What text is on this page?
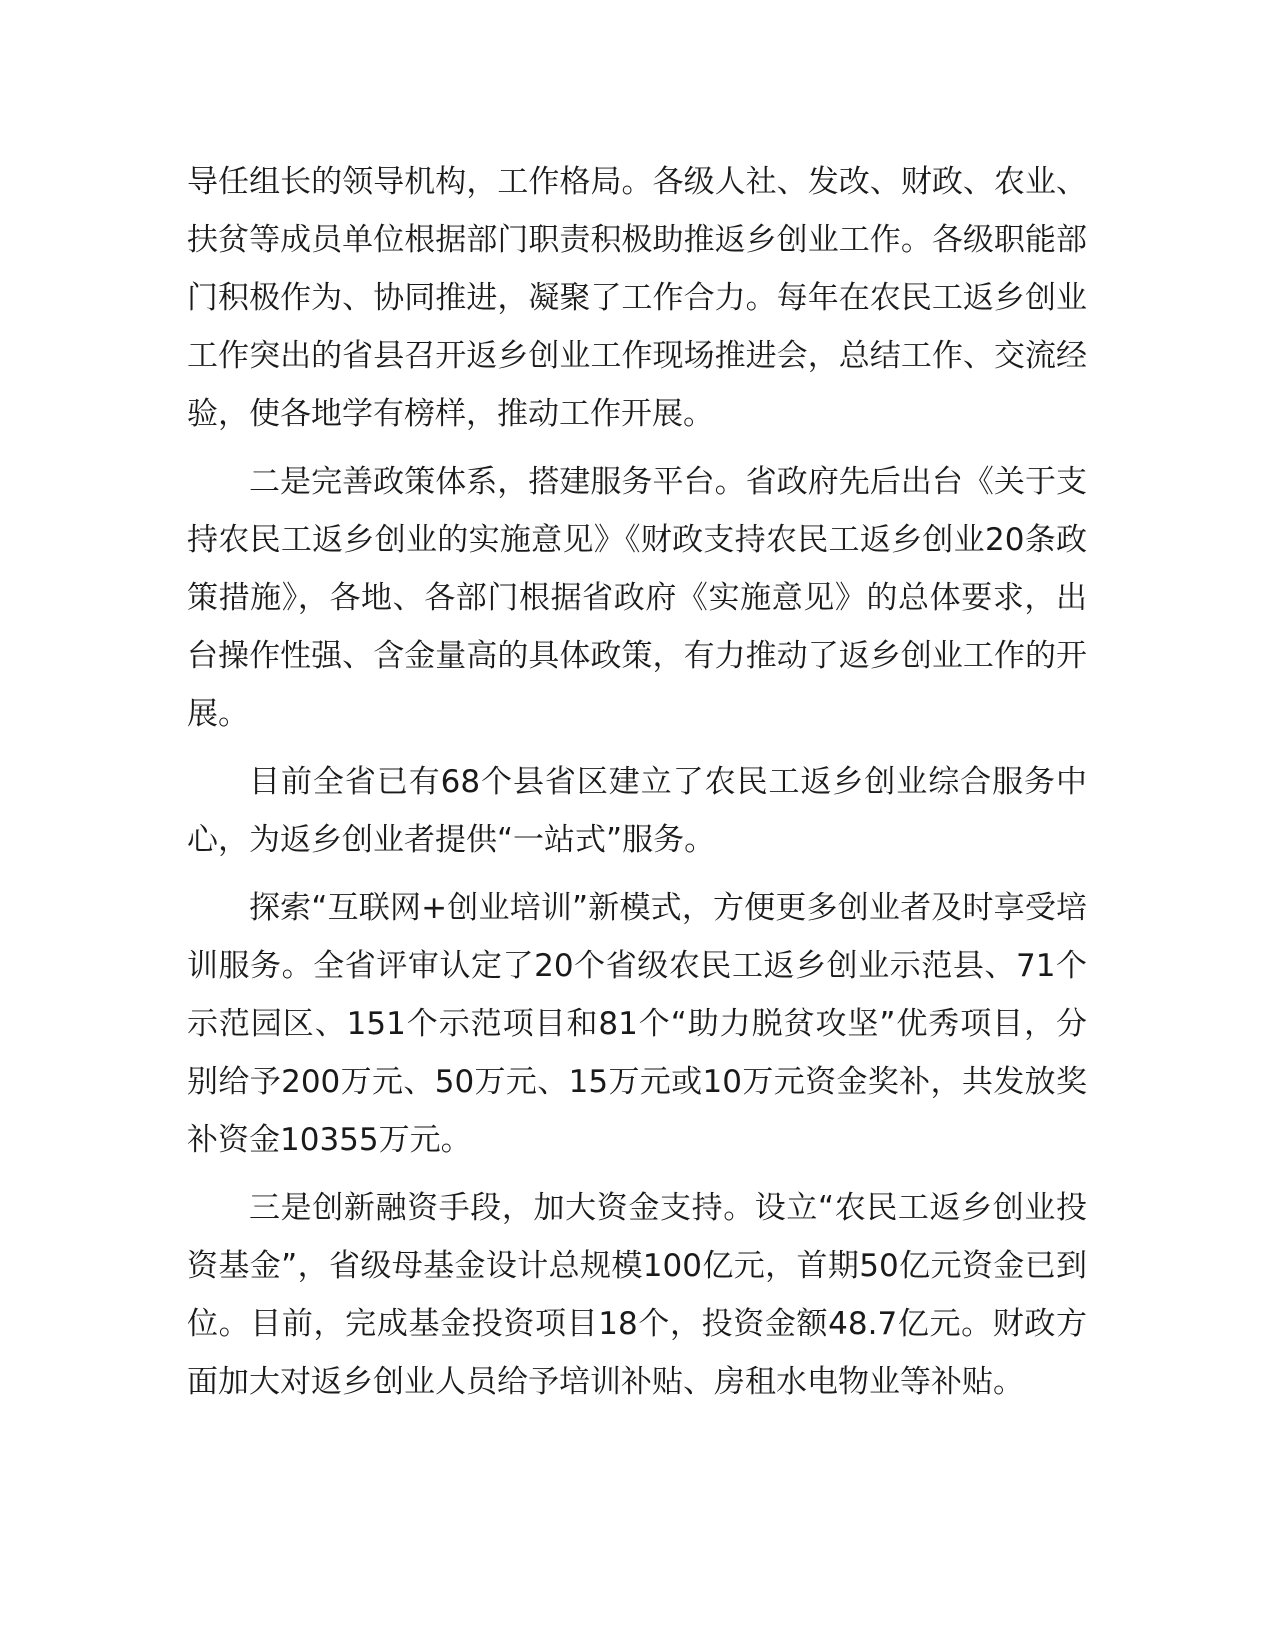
导任组长的领导机构，工作格局。各级人社、发改、财政、农业、扶贫等成员单位根据部门职责积极助推返乡创业工作。各级职能部门积极作为、协同推进，凝聚了工作合力。每年在农民工返乡创业工作突出的省县召开返乡创业工作现场推进会，总结工作、交流经验，使各地学有榜样，推动工作开展。

二是完善政策体系，搭建服务平台。省政府先后出台《关于支持农民工返乡创业的实施意见》《财政支持农民工返乡创业20条政策措施》，各地、各部门根据省政府《实施意见》的总体要求，出台操作性强、含金量高的具体政策，有力推动了返乡创业工作的开展。

目前全省已有68个县省区建立了农民工返乡创业综合服务中心，为返乡创业者提供“一站式”服务。

探索“互联网+创业培训”新模式，方便更多创业者及时享受培训服务。全省评审认定了20个省级农民工返乡创业示范县、71个示范园区、151个示范项目和81个“助力脱贫攻坚”优秀项目，分别给予200万元、50万元、15万元或10万元资金奖补，共发放奖补资金10355万元。

三是创新融资手段，加大资金支持。设立“农民工返乡创业投资基金”，省级母基金设计总规模100亿元，首期50亿元资金已到位。目前，完成基金投资项目18个，投资金额48.7亿元。财政方面加大对返乡创业人员给予培训补贴、房租水电物业等补贴。
